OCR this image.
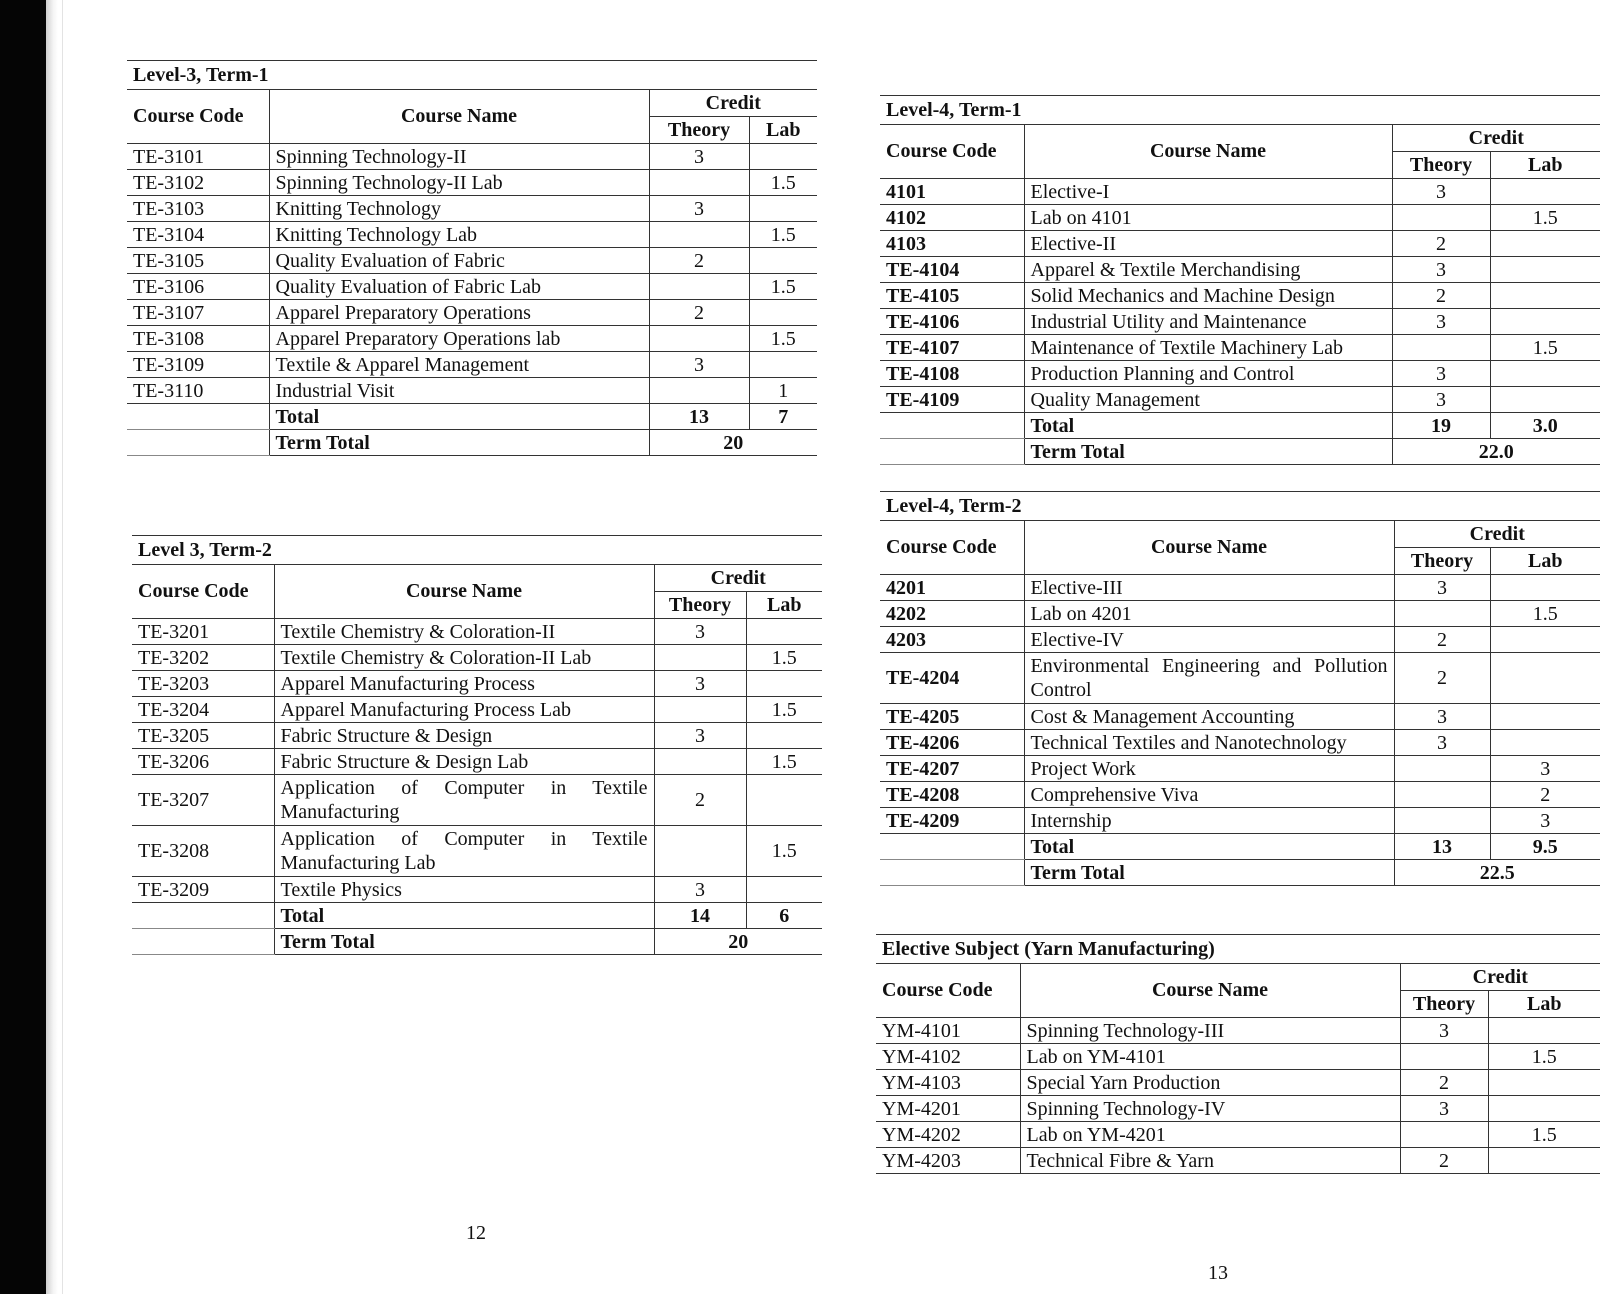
Level-3, Term-1			
Course Code	Course Name	Credit	
		Theory	Lab
TE-3101	Spinning Technology-II	3	
TE-3102	Spinning Technology-II Lab		1.5
TE-3103	Knitting Technology	3	
TE-3104	Knitting Technology Lab		1.5
TE-3105	Quality Evaluation of Fabric	2	
TE-3106	Quality Evaluation of Fabric Lab		1.5
TE-3107	Apparel Preparatory Operations	2	
TE-3108	Apparel Preparatory Operations lab		1.5
TE-3109	Textile & Apparel Management	3	
TE-3110	Industrial Visit		1
	Total	13	7
	Term Total	20	
Level 3, Term-2			
Course Code	Course Name	Credit	
		Theory	Lab
TE-3201	Textile Chemistry & Coloration-II	3	
TE-3202	Textile Chemistry & Coloration-II Lab		1.5
TE-3203	Apparel Manufacturing Process	3	
TE-3204	Apparel Manufacturing Process Lab		1.5
TE-3205	Fabric Structure & Design	3	
TE-3206	Fabric Structure & Design Lab		1.5
TE-3207	Application of Computer in Textile Manufacturing	2	
TE-3208	Application of Computer in Textile Manufacturing Lab		1.5
TE-3209	Textile Physics	3	
	Total	14	6
	Term Total	20	
Level-4, Term-1			
Course Code	Course Name	Credit	
		Theory	Lab
4101	Elective-I	3	
4102	Lab on 4101		1.5
4103	Elective-II	2	
TE-4104	Apparel & Textile Merchandising	3	
TE-4105	Solid Mechanics and Machine Design	2	
TE-4106	Industrial Utility and Maintenance	3	
TE-4107	Maintenance of Textile Machinery Lab		1.5
TE-4108	Production Planning and Control	3	
TE-4109	Quality Management	3	
	Total	19	3.0
	Term Total	22.0	
Level-4, Term-2			
Course Code	Course Name	Credit	
		Theory	Lab
4201	Elective-III	3	
4202	Lab on 4201		1.5
4203	Elective-IV	2	
TE-4204	Environmental Engineering and Pollution Control	2	
TE-4205	Cost & Management Accounting	3	
TE-4206	Technical Textiles and Nanotechnology	3	
TE-4207	Project Work		3
TE-4208	Comprehensive Viva		2
TE-4209	Internship		3
	Total	13	9.5
	Term Total	22.5	
Elective Subject (Yarn Manufacturing)			
Course Code	Course Name	Credit	
		Theory	Lab
YM-4101	Spinning Technology-III	3	
YM-4102	Lab on YM-4101		1.5
YM-4103	Special Yarn Production	2	
YM-4201	Spinning Technology-IV	3	
YM-4202	Lab on YM-4201		1.5
YM-4203	Technical Fibre & Yarn	2	
12
13
